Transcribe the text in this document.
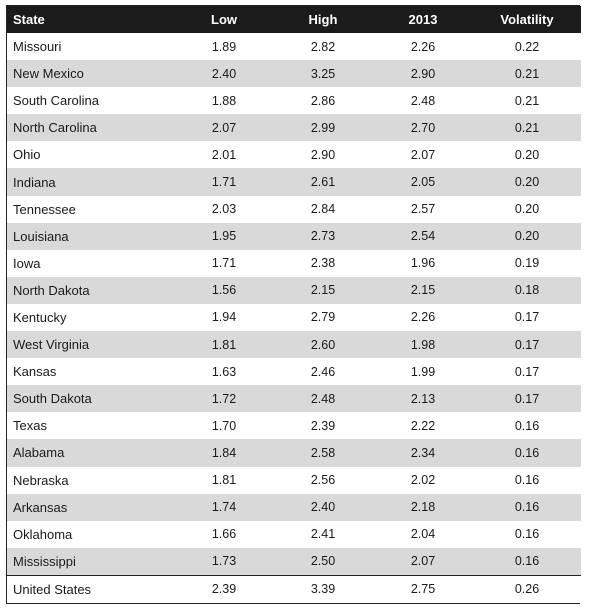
State	Low	High	2013	Volatility
Missouri	1.89	2.82	2.26	0.22
New Mexico	2.40	3.25	2.90	0.21
South Carolina	1.88	2.86	2.48	0.21
North Carolina	2.07	2.99	2.70	0.21
Ohio	2.01	2.90	2.07	0.20
Indiana	1.71	2.61	2.05	0.20
Tennessee	2.03	2.84	2.57	0.20
Louisiana	1.95	2.73	2.54	0.20
Iowa	1.71	2.38	1.96	0.19
North Dakota	1.56	2.15	2.15	0.18
Kentucky	1.94	2.79	2.26	0.17
West Virginia	1.81	2.60	1.98	0.17
Kansas	1.63	2.46	1.99	0.17
South Dakota	1.72	2.48	2.13	0.17
Texas	1.70	2.39	2.22	0.16
Alabama	1.84	2.58	2.34	0.16
Nebraska	1.81	2.56	2.02	0.16
Arkansas	1.74	2.40	2.18	0.16
Oklahoma	1.66	2.41	2.04	0.16
Mississippi	1.73	2.50	2.07	0.16
United States	2.39	3.39	2.75	0.26
